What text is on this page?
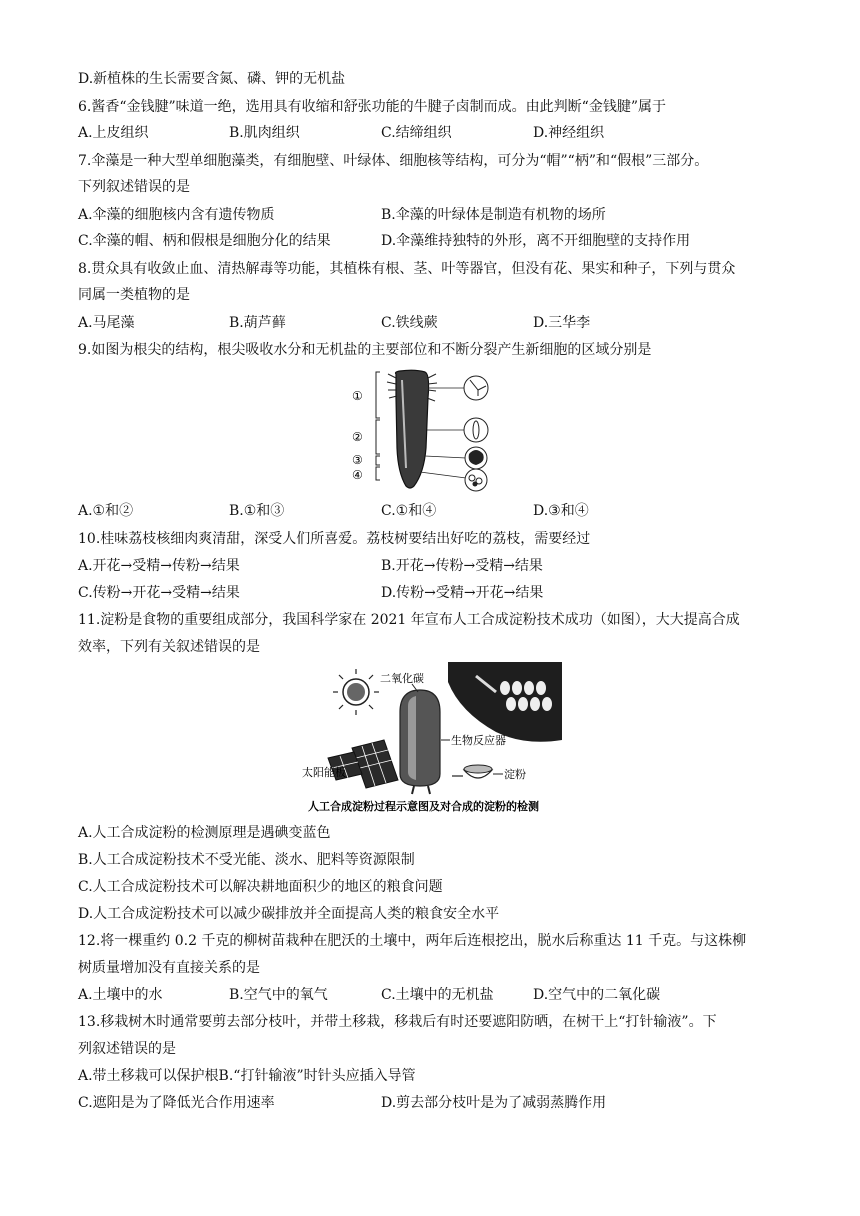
D.新植株的生长需要含氮、磷、钾的无机盐
6.酱香“金钱腱”味道一绝，选用具有收缩和舒张功能的牛腱子卤制而成。由此判断“金钱腱”属于
A.上皮组织	B.肌肉组织	C.结缔组织	D.神经组织
7.伞藻是一种大型单细胞藻类，有细胞壁、叶绿体、细胞核等结构，可分为“帽”“柄”和“假根”三部分。
下列叙述错误的是
A.伞藻的细胞核内含有遗传物质	B.伞藻的叶绿体是制造有机物的场所
C.伞藻的帽、柄和假根是细胞分化的结果	D.伞藻维持独特的外形，离不开细胞壁的支持作用
8.贯众具有收敛止血、清热解毒等功能，其植株有根、茎、叶等器官，但没有花、果实和种子，下列与贯众
同属一类植物的是
A.马尾藻	B.葫芦藓	C.铁线蕨	D.三华李
9.如图为根尖的结构，根尖吸收水分和无机盐的主要部位和不断分裂产生新细胞的区域分别是
①
②
③
④
A.①和②	B.①和③	C.①和④	D.③和④
10.桂味荔枝核细肉爽清甜，深受人们所喜爱。荔枝树要结出好吃的荔枝，需要经过
A.开花→受精→传粉→结果	B.开花→传粉→受精→结果
C.传粉→开花→受精→结果	D.传粉→受精→开花→结果
11.淀粉是食物的重要组成部分，我国科学家在 2021 年宣布人工合成淀粉技术成功（如图），大大提高合成
效率，下列有关叙述错误的是
二氧化碳
生物反应器
太阳能板	淀粉
人工合成淀粉过程示意图及对合成的淀粉的检测
A.人工合成淀粉的检测原理是遇碘变蓝色
B.人工合成淀粉技术不受光能、淡水、肥料等资源限制
C.人工合成淀粉技术可以解决耕地面积少的地区的粮食问题
D.人工合成淀粉技术可以减少碳排放并全面提高人类的粮食安全水平
12.将一棵重约 0.2 千克的柳树苗栽种在肥沃的土壤中，两年后连根挖出，脱水后称重达 11 千克。与这株柳
树质量增加没有直接关系的是
A.土壤中的水	B.空气中的氧气	C.土壤中的无机盐	D.空气中的二氧化碳
13.移栽树木时通常要剪去部分枝叶，并带土移栽，移栽后有时还要遮阳防晒，在树干上“打针输液”。下
列叙述错误的是
A.带土移栽可以保护根B.“打针输液”时针头应插入导管
C.遮阳是为了降低光合作用速率	D.剪去部分枝叶是为了减弱蒸腾作用
